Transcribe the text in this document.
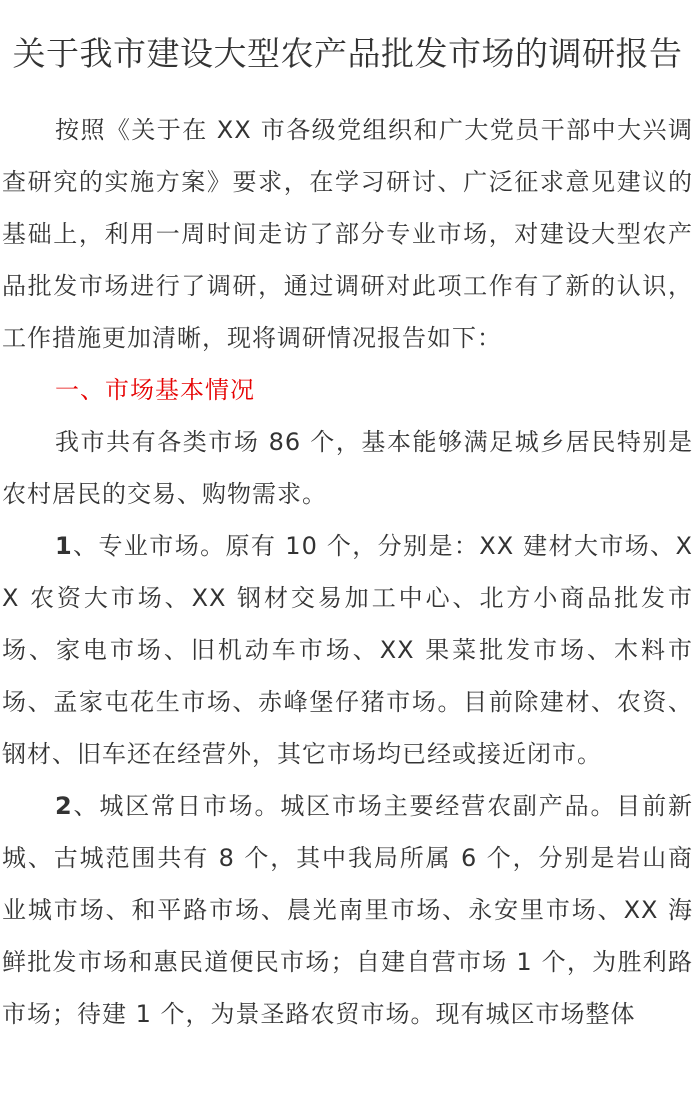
关于我市建设大型农产品批发市场的调研报告

按照《关于在 XX 市各级党组织和广大党员干部中大兴调查研究的实施方案》要求，在学习研讨、广泛征求意见建议的基础上，利用一周时间走访了部分专业市场，对建设大型农产品批发市场进行了调研，通过调研对此项工作有了新的认识，工作措施更加清晰，现将调研情况报告如下：

一、市场基本情况

我市共有各类市场 86 个，基本能够满足城乡居民特别是农村居民的交易、购物需求。

1、专业市场。原有 10 个，分别是：XX 建材大市场、XX 农资大市场、XX 钢材交易加工中心、北方小商品批发市场、家电市场、旧机动车市场、XX 果菜批发市场、木料市场、孟家屯花生市场、赤峰堡仔猪市场。目前除建材、农资、钢材、旧车还在经营外，其它市场均已经或接近闭市。

2、城区常日市场。城区市场主要经营农副产品。目前新城、古城范围共有 8 个，其中我局所属 6 个，分别是岩山商业城市场、和平路市场、晨光南里市场、永安里市场、XX 海鲜批发市场和惠民道便民市场；自建自营市场 1 个，为胜利路市场；待建 1 个，为景圣路农贸市场。现有城区市场整体
